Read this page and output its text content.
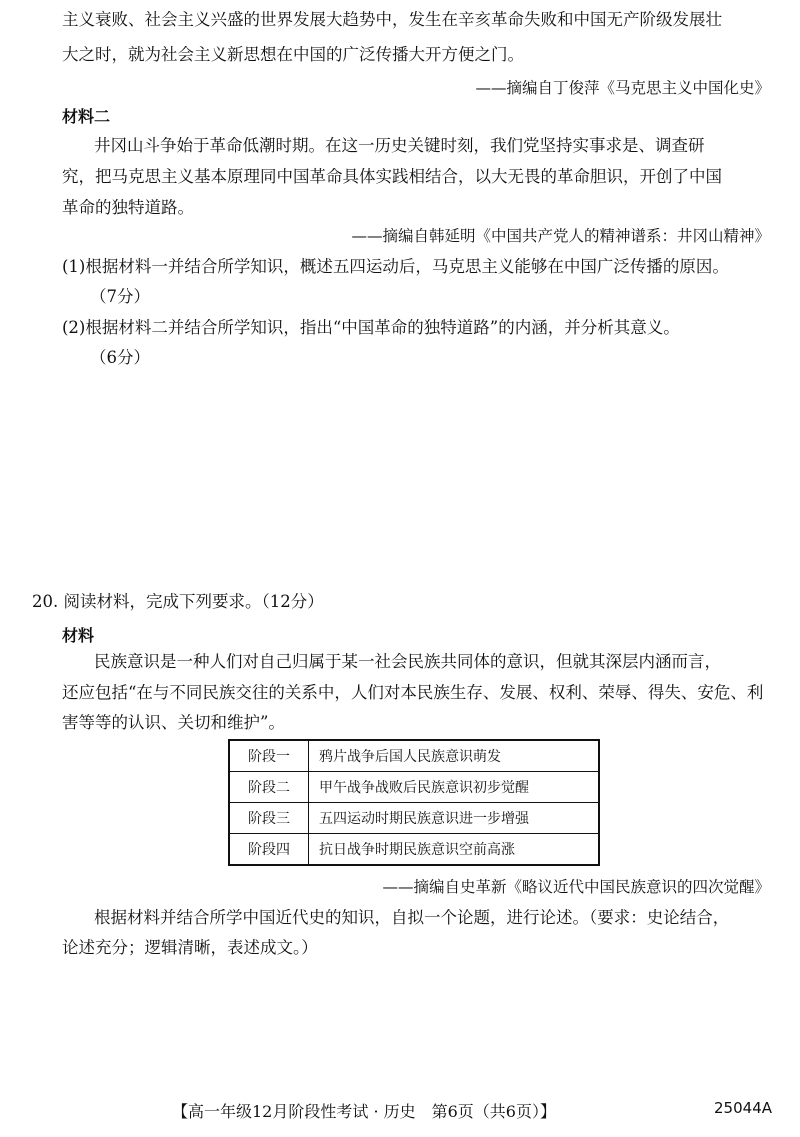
主义衰败、社会主义兴盛的世界发展大趋势中，发生在辛亥革命失败和中国无产阶级发展壮
大之时，就为社会主义新思想在中国的广泛传播大开方便之门。
——摘编自丁俊萍《马克思主义中国化史》
材料二
井冈山斗争始于革命低潮时期。在这一历史关键时刻，我们党坚持实事求是、调查研
究，把马克思主义基本原理同中国革命具体实践相结合，以大无畏的革命胆识，开创了中国
革命的独特道路。
——摘编自韩延明《中国共产党人的精神谱系：井冈山精神》
(1)根据材料一并结合所学知识，概述五四运动后，马克思主义能够在中国广泛传播的原因。
（7分）
(2)根据材料二并结合所学知识，指出“中国革命的独特道路”的内涵，并分析其意义。
（6分）
20. 阅读材料，完成下列要求。（12分）
材料
民族意识是一种人们对自己归属于某一社会民族共同体的意识，但就其深层内涵而言，
还应包括“在与不同民族交往的关系中，人们对本民族生存、发展、权利、荣辱、得失、安危、利
害等等的认识、关切和维护”。
阶段一	鸦片战争后国人民族意识萌发
阶段二	甲午战争战败后民族意识初步觉醒
阶段三	五四运动时期民族意识进一步增强
阶段四	抗日战争时期民族意识空前高涨
——摘编自史革新《略议近代中国民族意识的四次觉醒》
根据材料并结合所学中国近代史的知识，自拟一个论题，进行论述。（要求：史论结合，
论述充分；逻辑清晰，表述成文。）
【高一年级12月阶段性考试 · 历史　第6页（共6页）】	25044A
